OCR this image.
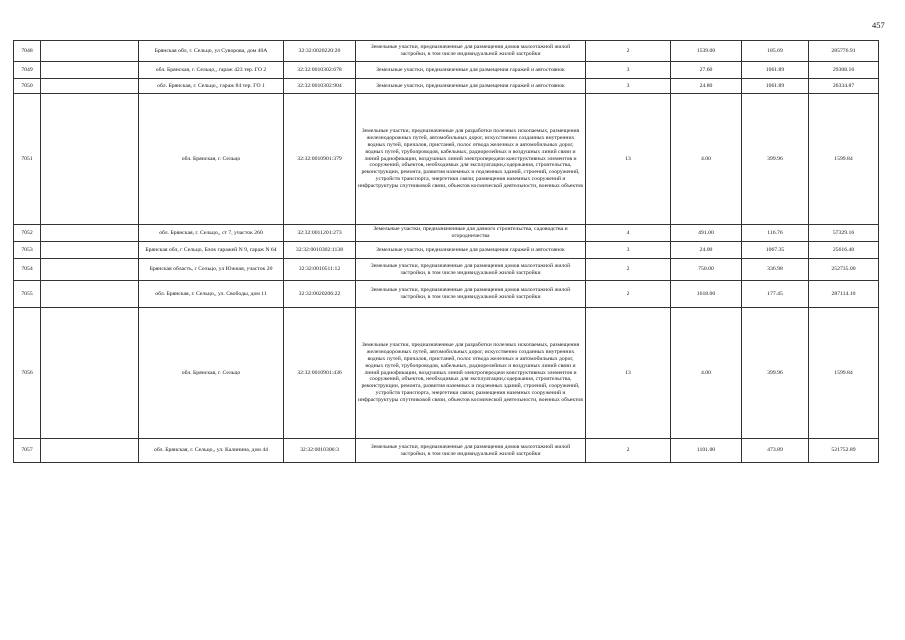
457
7048		Брянская обл, г. Сельцо, ул Суворова, дом 40А	32:32:0020220:20	Земельные участки, предназначенные для размещения домов малоэтажной жилой застройки, в том числе индивидуальной жилой застройки	2	1539.00	185.69	285776.91
7049		обл. Брянская, г. Сельцо,, гараж 423 тер. ГО 2	32:32:0010302:678	Земельные участки, предназначенные для размещения гаражей и автостоянок	3	27.60	1061.89	29308.16
7050		обл. Брянская, г. Сельцо,, гараж 84 тер. ГО 1	32:32:0010302:904	Земельные участки, предназначенные для размещения гаражей и автостоянок	3	24.80	1061.89	26334.87
7051		обл. Брянская, г. Сельцо	32:32:0010901:379	Земельные участки, предназначенные для разработки полезных ископаемых, размещения железнодорожных путей, автомобильных дорог, искусственно созданных внутренних водных путей, причалов, пристаней, полос отвода железных и автомобильных дорог, водных путей, трубопроводов, кабельных, радиорелейных и воздушных линий связи и линий радиофикации, воздушных линий электропередачи конструктивных элементов и сооружений, объектов, необходимых для эксплуатации,содержания, строительства, реконструкции, ремонта, развития наземных и подземных зданий, строений, сооружений, устройств транспорта, энергетики связи; размещения наземных сооружений и инфраструктуры спутниковой связи, объектов космической деятельности, военных объектов	13	4.00	399.96	1599.84
7052		обл. Брянская, г. Сельцо,, ст 7, участок 260	32:32:0011201:273	Земельные участки, предназначенные для дачного строительства, садоводства и огородничества	4	491.00	116.76	57329.16
7053		Брянская обл, г Сельцо, Блок гаражей N 9, гараж N 64	32:32:0010302:1138	Земельные участки, предназначенные для размещения гаражей и автостоянок	3	24.00	1067.35	25616.40
7054		Брянская область, г Сельцо, ул Южная, участок 20	32:32:0010511:12	Земельные участки, предназначенные для размещения домов малоэтажной жилой застройки, в том числе индивидуальной жилой застройки	2	750.00	336.98	252735.00
7055		обл. Брянская, г. Сельцо,, ул. Свободы, дом 11	32:32:0020206:22	Земельные участки, предназначенные для размещения домов малоэтажной жилой застройки, в том числе индивидуальной жилой застройки	2	1618.00	177.45	287114.10
7056		обл. Брянская, г. Сельцо	32:32:0010901:436	Земельные участки, предназначенные для разработки полезных ископаемых, размещения железнодорожных путей, автомобильных дорог, искусственно созданных внутренних водных путей, причалов, пристаней, полос отвода железных и автомобильных дорог, водных путей, трубопроводов, кабельных, радиорелейных и воздушных линий связи и линий радиофикации, воздушных линий электропередачи конструктивных элементов и сооружений, объектов, необходимых для эксплуатации,содержания, строительства, реконструкции, ремонта, развития наземных и подземных зданий, строений, сооружений, устройств транспорта, энергетики связи; размещения наземных сооружений и инфраструктуры спутниковой связи, объектов космической деятельности, военных объектов	13	4.00	399.96	1599.84
7057		обл. Брянская, г. Сельцо,, ул. Калинина, дом 44	32:32:0010306:3	Земельные участки, предназначенные для размещения домов малоэтажной жилой застройки, в том числе индивидуальной жилой застройки	2	1101.00	473.89	521752.89
